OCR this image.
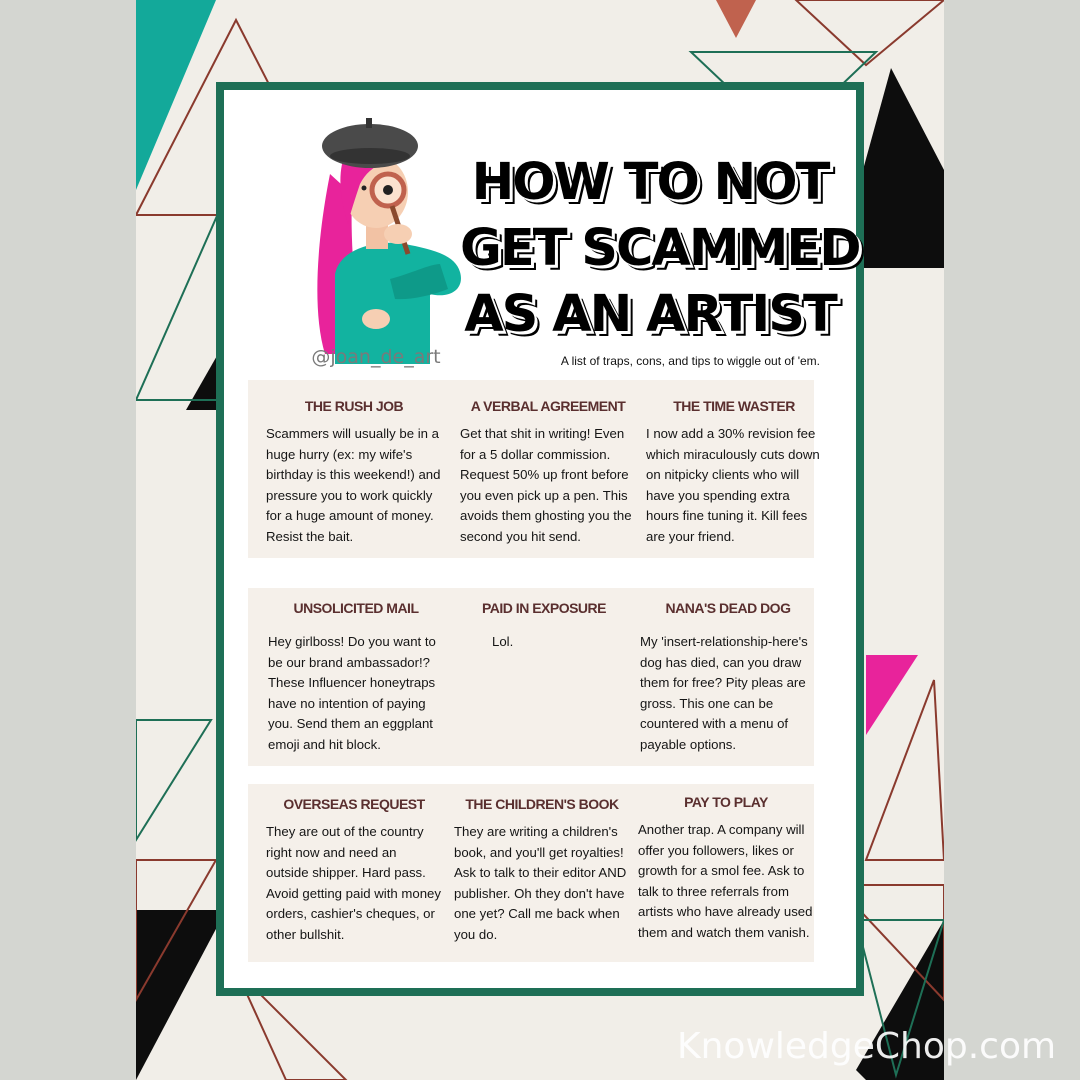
@joan_de_art
HOW TO NOT
GET SCAMMED
AS AN ARTIST
A list of traps, cons, and tips to wiggle out of 'em.
THE RUSH JOB
Scammers will usually be in a huge hurry (ex: my wife's birthday is this weekend!) and pressure you to work quickly for a huge amount of money. Resist the bait.
A VERBAL AGREEMENT
Get that shit in writing! Even for a 5 dollar commission. Request 50% up front before you even pick up a pen. This avoids them ghosting you the second you hit send.
THE TIME WASTER
I now add a 30% revision fee which miraculously cuts down on nitpicky clients who will have you spending extra hours fine tuning it. Kill fees are your friend.
UNSOLICITED MAIL
Hey girlboss! Do you want to be our brand ambassador!? These Influencer honeytraps have no intention of paying you. Send them an eggplant emoji and hit block.
PAID IN EXPOSURE
Lol.
NANA'S DEAD DOG
My 'insert-relationship-here's dog has died, can you draw them for free? Pity pleas are gross. This one can be countered with a menu of payable options.
OVERSEAS REQUEST
They are out of the country right now and need an outside shipper. Hard pass. Avoid getting paid with money orders, cashier's cheques, or other bullshit.
THE CHILDREN'S BOOK
They are writing a children's book, and you'll get royalties! Ask to talk to their editor AND publisher. Oh they don't have one yet? Call me back when you do.
PAY TO PLAY
Another trap. A company will offer you followers, likes or growth for a smol fee. Ask to talk to three referrals from artists who have already used them and watch them vanish.
KnowledgeChop.com
